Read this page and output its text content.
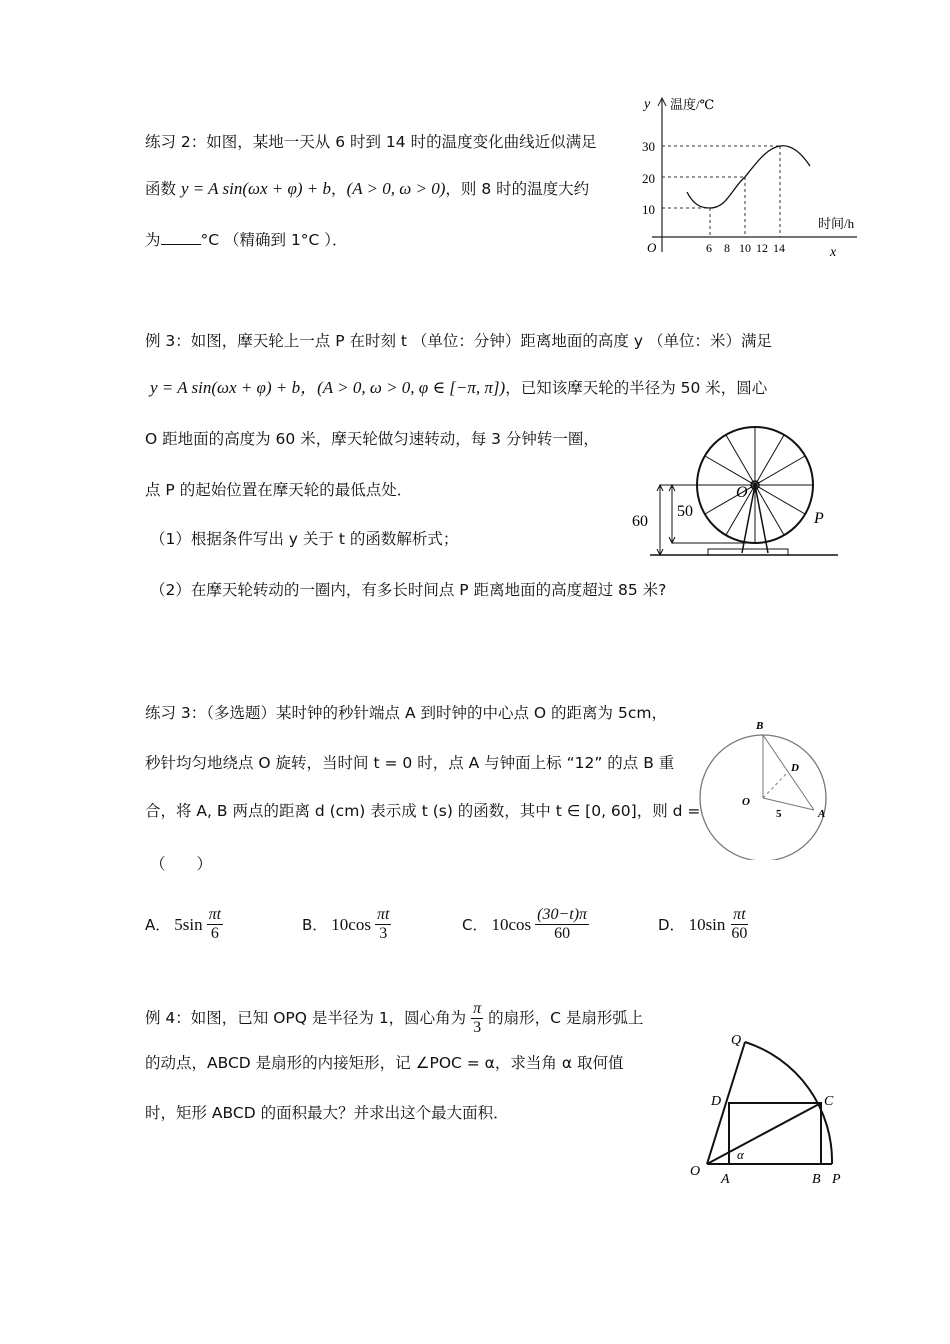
练习 2：如图，某地一天从 6 时到 14 时的温度变化曲线近似满足
函数 y = A sin(ωx + φ) + b，(A > 0, ω > 0)，则 8 时的温度大约
为	°C （精确到 1°C ）．
y 温度/℃
时间/h
x
O
10
20
30
6 8 10 12 14
例 3：如图，摩天轮上一点 P 在时刻 t （单位：分钟）距离地面的高度 y （单位：米）满足
y = A sin(ωx + φ) + b，(A > 0, ω > 0, φ ∈ [−π, π])，已知该摩天轮的半径为 50 米，圆心
O 距地面的高度为 60 米，摩天轮做匀速转动，每 3 分钟转一圈，
点 P 的起始位置在摩天轮的最低点处．
（1）根据条件写出 y 关于 t 的函数解析式；
（2）在摩天轮转动的一圈内，有多长时间点 P 距离地面的高度超过 85 米?
60
50
O
P
练习 3：（多选题）某时钟的秒针端点 A 到时钟的中心点 O 的距离为 5cm，
秒针均匀地绕点 O 旋转，当时间 t = 0 时，点 A 与钟面上标 “12” 的点 B 重
合，将 A, B 两点的距离 d (cm) 表示成 t (s) 的函数，其中 t ∈ [0, 60]，则 d =
（　　）
A． $5\sin \frac{\pi t}{6}$	B． $10\cos \frac{\pi t}{3}$	C． $10\cos \frac{(30-t)\pi}{60}$	D． $10\sin \frac{\pi t}{60}$
B
D
O
5	A
例 4：如图，已知 OPQ 是半径为 1，圆心角为 $\frac{\pi}{3}$ 的扇形，C 是扇形弧上
的动点，ABCD 是扇形的内接矩形，记 ∠POC = α，求当角 α 取何值
时，矩形 ABCD 的面积最大？并求出这个最大面积．
Q
D	C
O
A	B P
α
